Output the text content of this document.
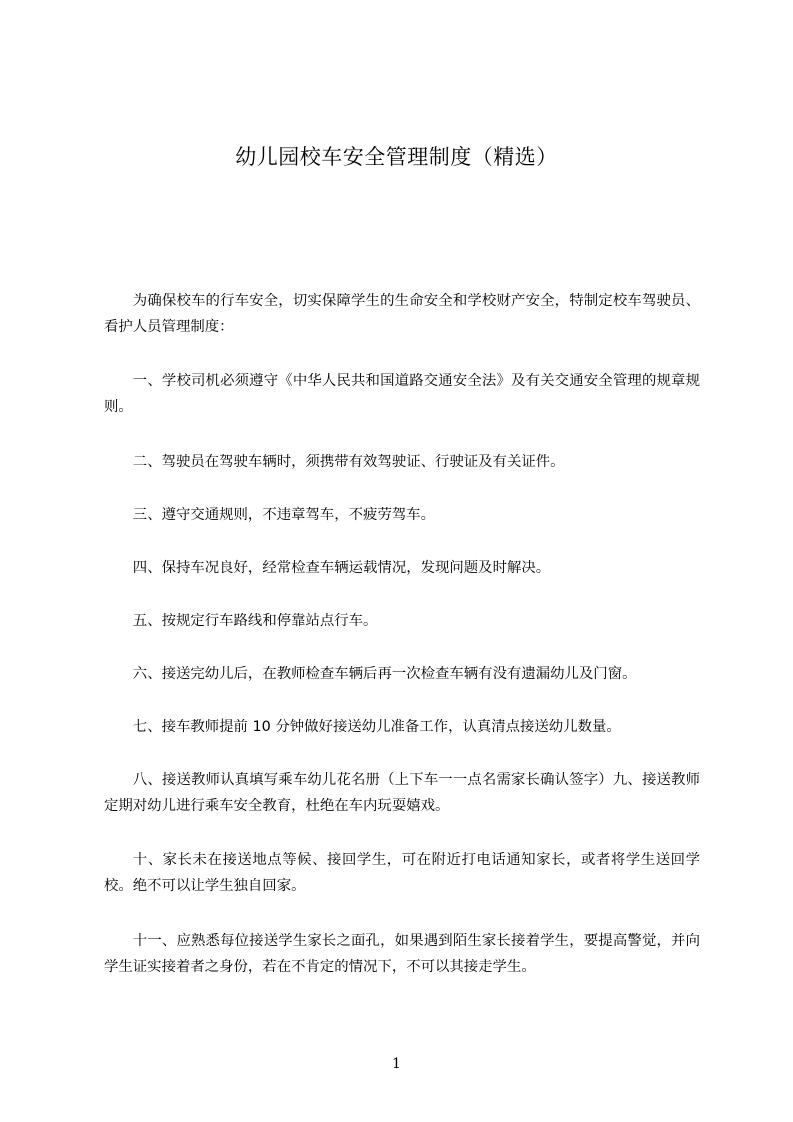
幼儿园校车安全管理制度（精选）

为确保校车的行车安全，切实保障学生的生命安全和学校财产安全，特制定校车驾驶员、看护人员管理制度：

一、学校司机必须遵守《中华人民共和国道路交通安全法》及有关交通安全管理的规章规则。

二、驾驶员在驾驶车辆时，须携带有效驾驶证、行驶证及有关证件。

三、遵守交通规则，不违章驾车，不疲劳驾车。

四、保持车况良好，经常检查车辆运载情况，发现问题及时解决。

五、按规定行车路线和停靠站点行车。

六、接送完幼儿后，在教师检查车辆后再一次检查车辆有没有遗漏幼儿及门窗。

七、接车教师提前 10 分钟做好接送幼儿准备工作，认真清点接送幼儿数量。

八、接送教师认真填写乘车幼儿花名册（上下车一一点名需家长确认签字）九、接送教师定期对幼儿进行乘车安全教育，杜绝在车内玩耍嬉戏。

十、家长未在接送地点等候、接回学生，可在附近打电话通知家长，或者将学生送回学校。绝不可以让学生独自回家。

十一、应熟悉每位接送学生家长之面孔，如果遇到陌生家长接着学生，要提高警觉，并向学生证实接着者之身份，若在不肯定的情况下，不可以其接走学生。

1
